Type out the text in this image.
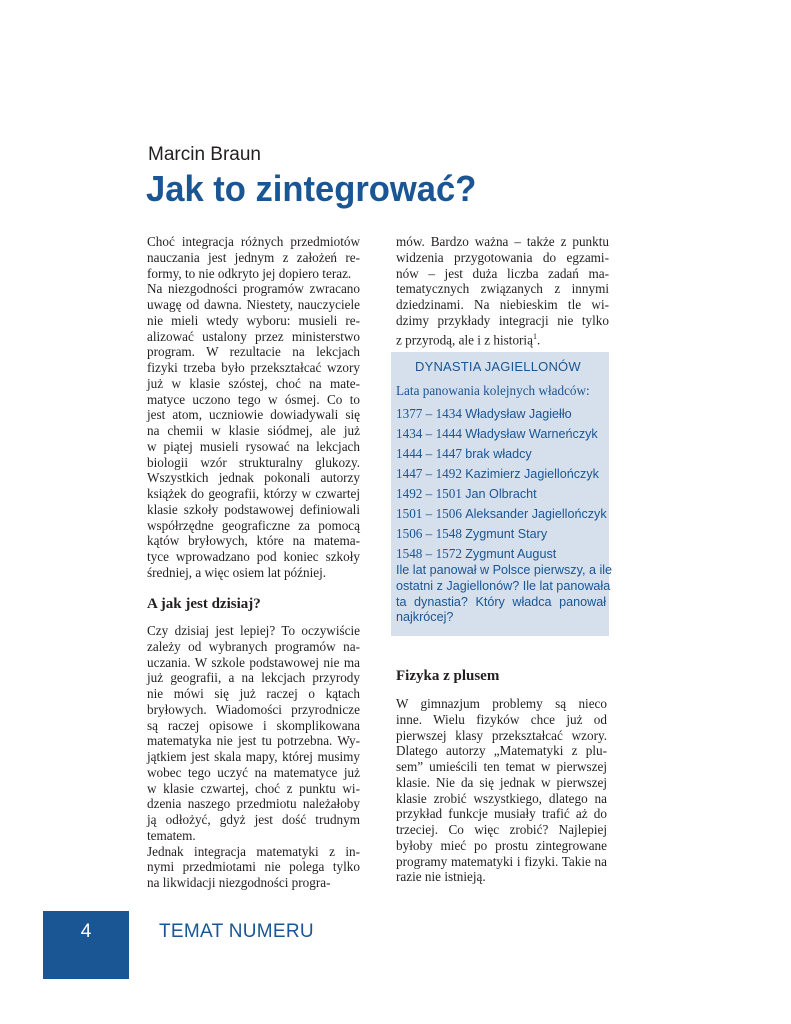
Marcin Braun
Jak to zintegrować?

Choć integracja różnych przedmiotów
nauczania jest jednym z założeń re-
formy, to nie odkryto jej dopiero teraz.
Na niezgodności programów zwracano
uwagę od dawna. Niestety, nauczyciele
nie mieli wtedy wyboru: musieli re-
alizować ustalony przez ministerstwo
program. W rezultacie na lekcjach
fizyki trzeba było przekształcać wzory
już w klasie szóstej, choć na mate-
matyce uczono tego w ósmej. Co to
jest atom, uczniowie dowiadywali się
na chemii w klasie siódmej, ale już
w piątej musieli rysować na lekcjach
biologii wzór strukturalny glukozy.
Wszystkich jednak pokonali autorzy
książek do geografii, którzy w czwartej
klasie szkoły podstawowej definiowali
współrzędne geograficzne za pomocą
kątów bryłowych, które na matema-
tyce wprowadzano pod koniec szkoły
średniej, a więc osiem lat później.

A jak jest dzisiaj?

Czy dzisiaj jest lepiej? To oczywiście
zależy od wybranych programów na-
uczania. W szkole podstawowej nie ma
już geografii, a na lekcjach przyrody
nie mówi się już raczej o kątach
bryłowych. Wiadomości przyrodnicze
są raczej opisowe i skomplikowana
matematyka nie jest tu potrzebna. Wy-
jątkiem jest skala mapy, której musimy
wobec tego uczyć na matematyce już
w klasie czwartej, choć z punktu wi-
dzenia naszego przedmiotu należałoby
ją odłożyć, gdyż jest dość trudnym
tematem.
Jednak integracja matematyki z in-
nymi przedmiotami nie polega tylko
na likwidacji niezgodności progra-

mów. Bardzo ważna – także z punktu
widzenia przygotowania do egzami-
nów – jest duża liczba zadań ma-
tematycznych związanych z innymi
dziedzinami. Na niebieskim tle wi-
dzimy przykłady integracji nie tylko
z przyrodą, ale i z historią$^1$.

DYNASTIA JAGIELLONÓW
Lata panowania kolejnych władców:
1377 – 1434 Władysław Jagiełło
1434 – 1444 Władysław Warneńczyk
1444 – 1447 brak władcy
1447 – 1492 Kazimierz Jagiellończyk
1492 – 1501 Jan Olbracht
1501 – 1506 Aleksander Jagiellończyk
1506 – 1548 Zygmunt Stary
1548 – 1572 Zygmunt August
Ile lat panował w Polsce pierwszy, a ile
ostatni z Jagiellonów? Ile lat panowała
ta dynastia? Który władca panował
najkrócej?
Fizyka z plusem

W gimnazjum problemy są nieco
inne. Wielu fizyków chce już od
pierwszej klasy przekształcać wzory.
Dlatego autorzy „Matematyki z plu-
sem” umieścili ten temat w pierwszej
klasie. Nie da się jednak w pierwszej
klasie zrobić wszystkiego, dlatego na
przykład funkcje musiały trafić aż do
trzeciej. Co więc zrobić? Najlepiej
byłoby mieć po prostu zintegrowane
programy matematyki i fizyki. Takie na
razie nie istnieją.

4	TEMAT NUMERU
